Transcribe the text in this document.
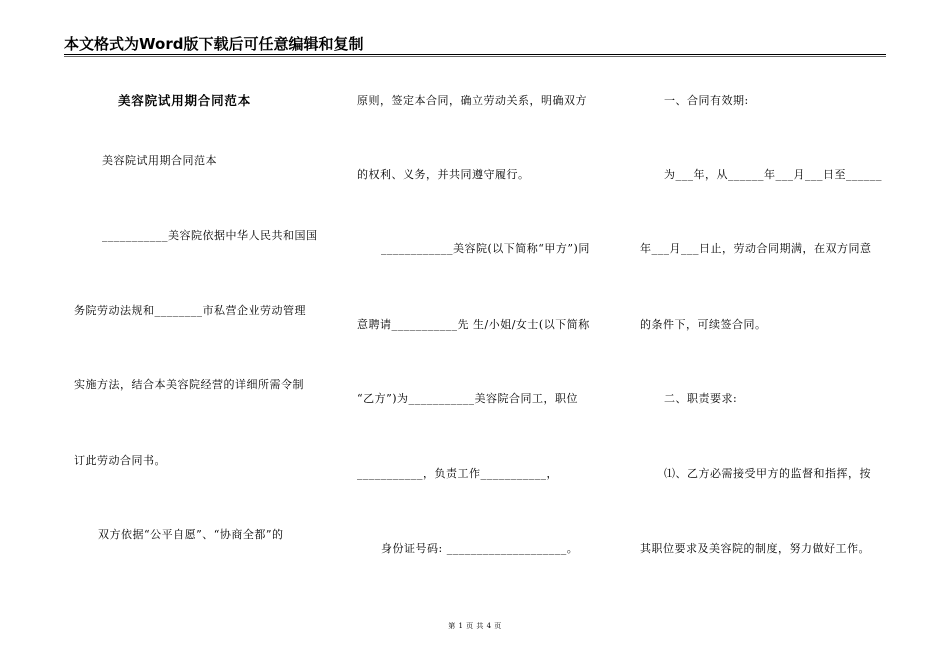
本文格式为Word版下载后可任意编辑和复制
美容院试用期合同范本
美容院试用期合同范本
___________美容院依据中华人民共和国国
务院劳动法规和________市私营企业劳动管理
实施方法，结合本美容院经营的详细所需令制
订此劳动合同书。
双方依据“公平自愿”、“协商全都”的
原则，签定本合同，确立劳动关系，明确双方
的权利、义务，并共同遵守履行。
____________美容院(以下简称“甲方”)同
意聘请___________先 生/小姐/女士(以下简称
“乙方”)为___________美容院合同工，职位
___________，负责工作___________，
身份证号码: ____________________。
一、合同有效期:
为___年，从______年___月___日至______
年___月___日止，劳动合同期满，在双方同意
的条件下，可续签合同。
二、职责要求:
⑴、乙方必需接受甲方的监督和指挥，按
其职位要求及美容院的制度，努力做好工作。
第 1 页 共 4 页
